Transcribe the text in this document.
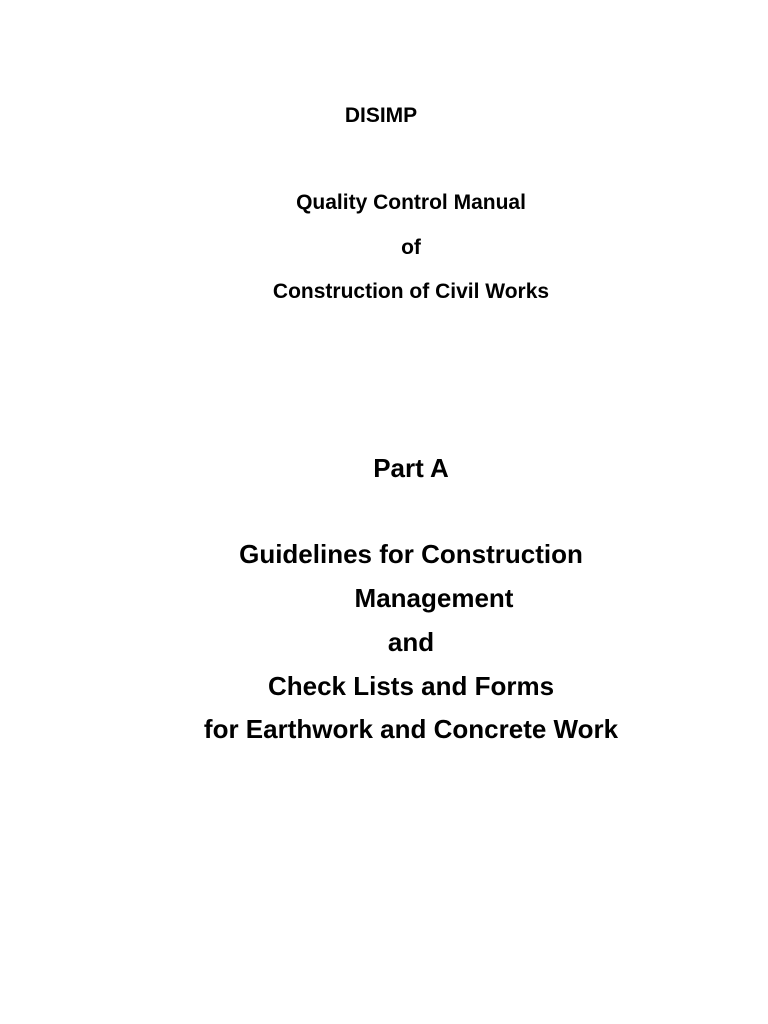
DISIMP
Quality Control Manual
of
Construction of Civil Works
Part A
Guidelines for Construction
Management
and
Check Lists and Forms
for Earthwork and Concrete Work
